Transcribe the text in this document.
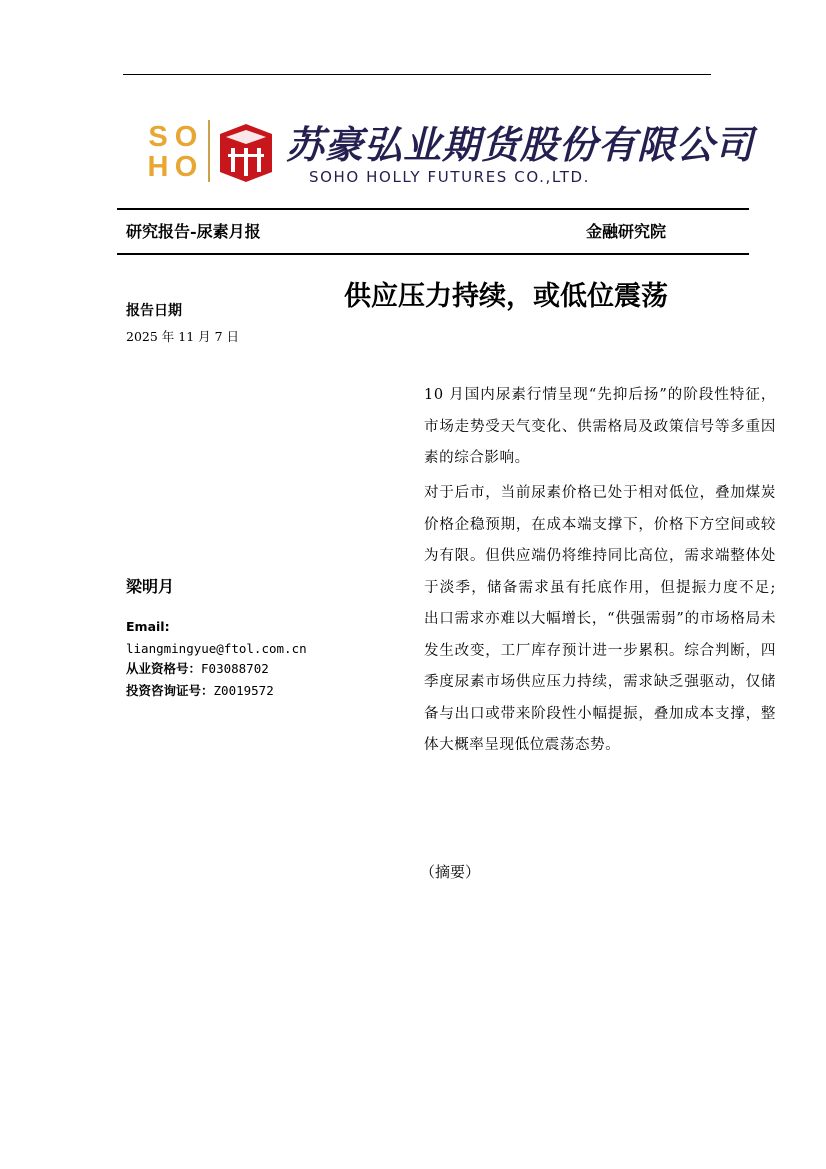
S O
H O 苏豪弘业期货股份有限公司
SOHO HOLLY FUTURES CO.,LTD.
研究报告-尿素月报	金融研究院
供应压力持续，或低位震荡
报告日期
2025 年 11 月 7 日
梁明月
Email:
liangmingyue@ftol.com.cn
从业资格号：F03088702
投资咨询证号：Z0019572

10 月国内尿素行情呈现“先抑后扬”的阶段性特征，市场走势受天气变化、供需格局及政策信号等多重因素的综合影响。

对于后市，当前尿素价格已处于相对低位，叠加煤炭价格企稳预期，在成本端支撑下，价格下方空间或较为有限。但供应端仍将维持同比高位，需求端整体处于淡季，储备需求虽有托底作用，但提振力度不足;出口需求亦难以大幅增长，“供强需弱”的市场格局未发生改变，工厂库存预计进一步累积。综合判断，四季度尿素市场供应压力持续，需求缺乏强驱动，仅储备与出口或带来阶段性小幅提振，叠加成本支撑，整体大概率呈现低位震荡态势。

（摘要）
